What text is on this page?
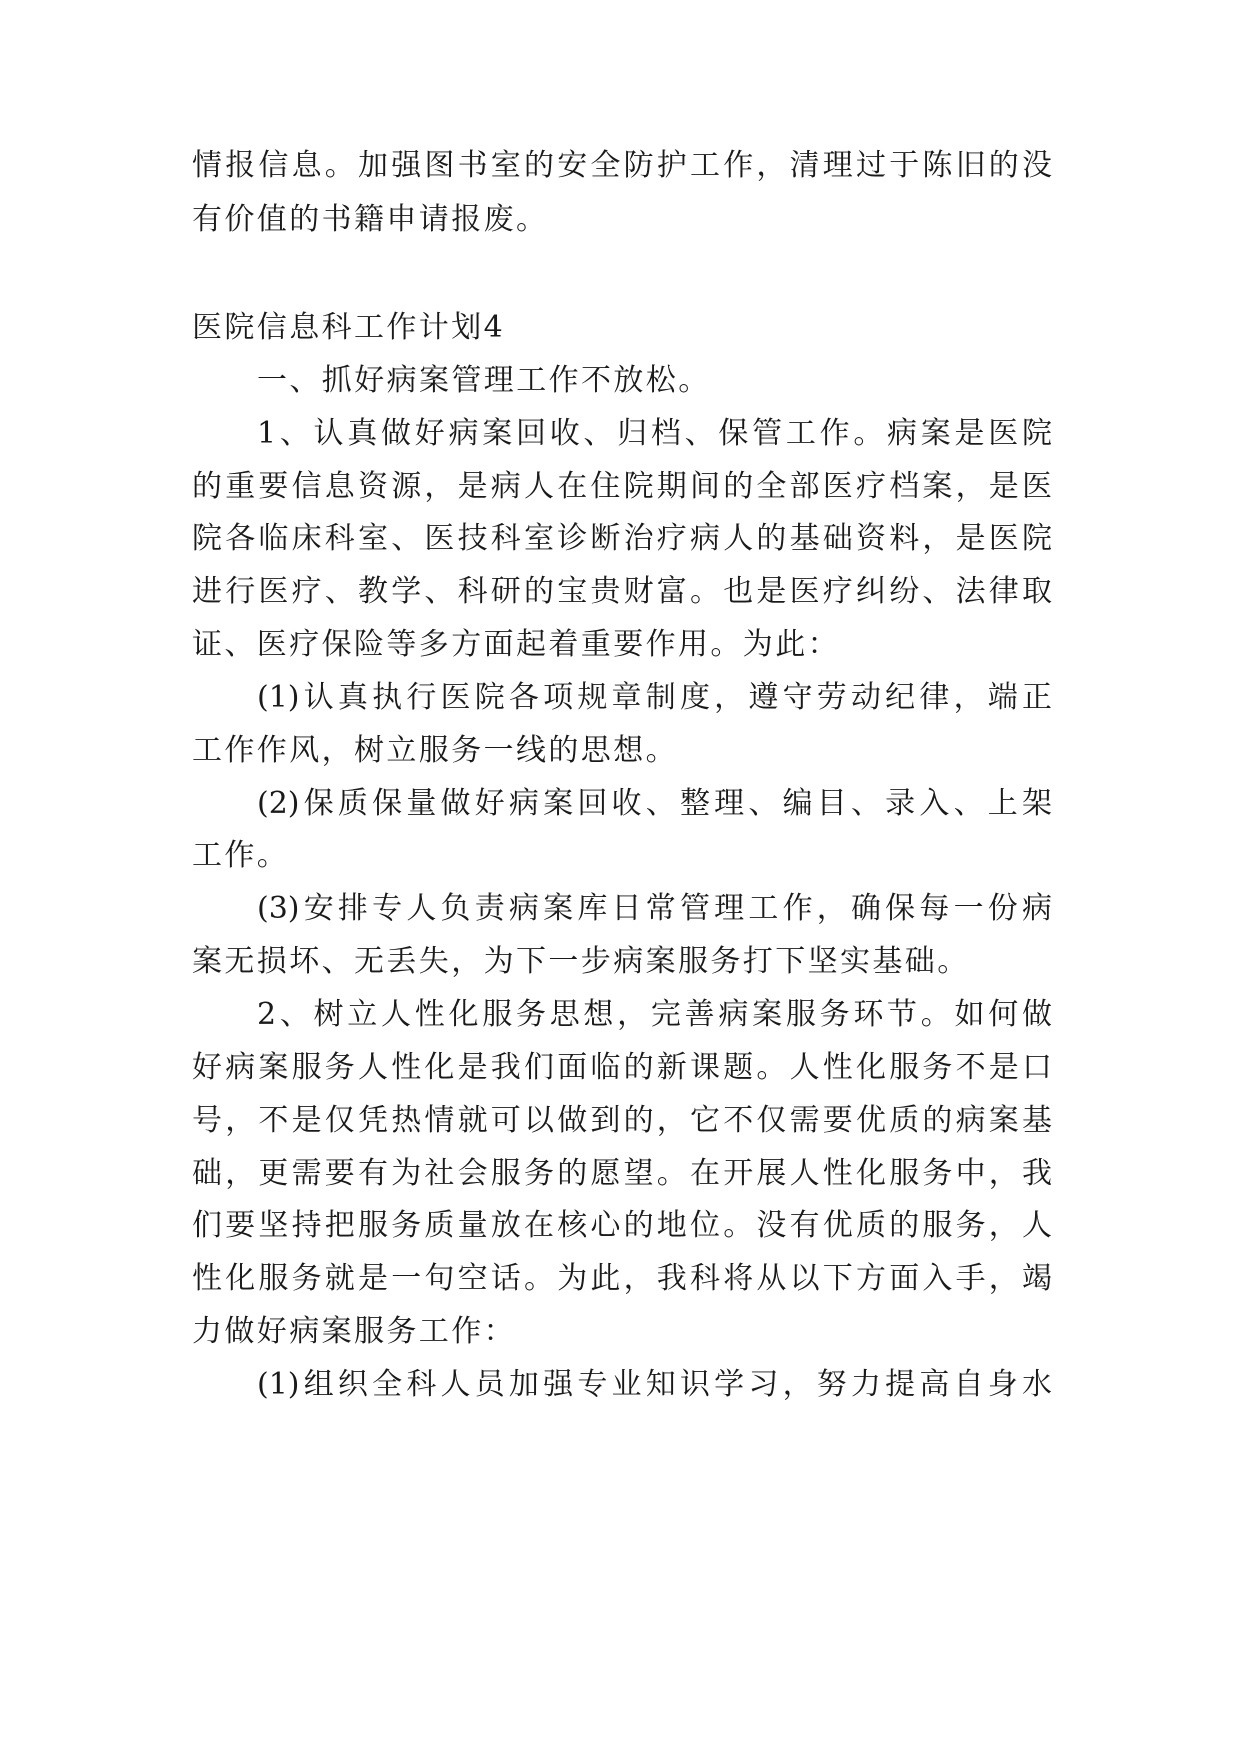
情报信息。加强图书室的安全防护工作，清理过于陈旧的没
有价值的书籍申请报废。
医院信息科工作计划4
一、抓好病案管理工作不放松。
1、认真做好病案回收、归档、保管工作。病案是医院
的重要信息资源，是病人在住院期间的全部医疗档案，是医
院各临床科室、医技科室诊断治疗病人的基础资料，是医院
进行医疗、教学、科研的宝贵财富。也是医疗纠纷、法律取
证、医疗保险等多方面起着重要作用。为此：
(1)认真执行医院各项规章制度，遵守劳动纪律，端正
工作作风，树立服务一线的思想。
(2)保质保量做好病案回收、整理、编目、录入、上架
工作。
(3)安排专人负责病案库日常管理工作，确保每一份病
案无损坏、无丢失，为下一步病案服务打下坚实基础。
2、树立人性化服务思想，完善病案服务环节。如何做
好病案服务人性化是我们面临的新课题。人性化服务不是口
号，不是仅凭热情就可以做到的，它不仅需要优质的病案基
础，更需要有为社会服务的愿望。在开展人性化服务中，我
们要坚持把服务质量放在核心的地位。没有优质的服务，人
性化服务就是一句空话。为此，我科将从以下方面入手，竭
力做好病案服务工作：
(1)组织全科人员加强专业知识学习，努力提高自身水
